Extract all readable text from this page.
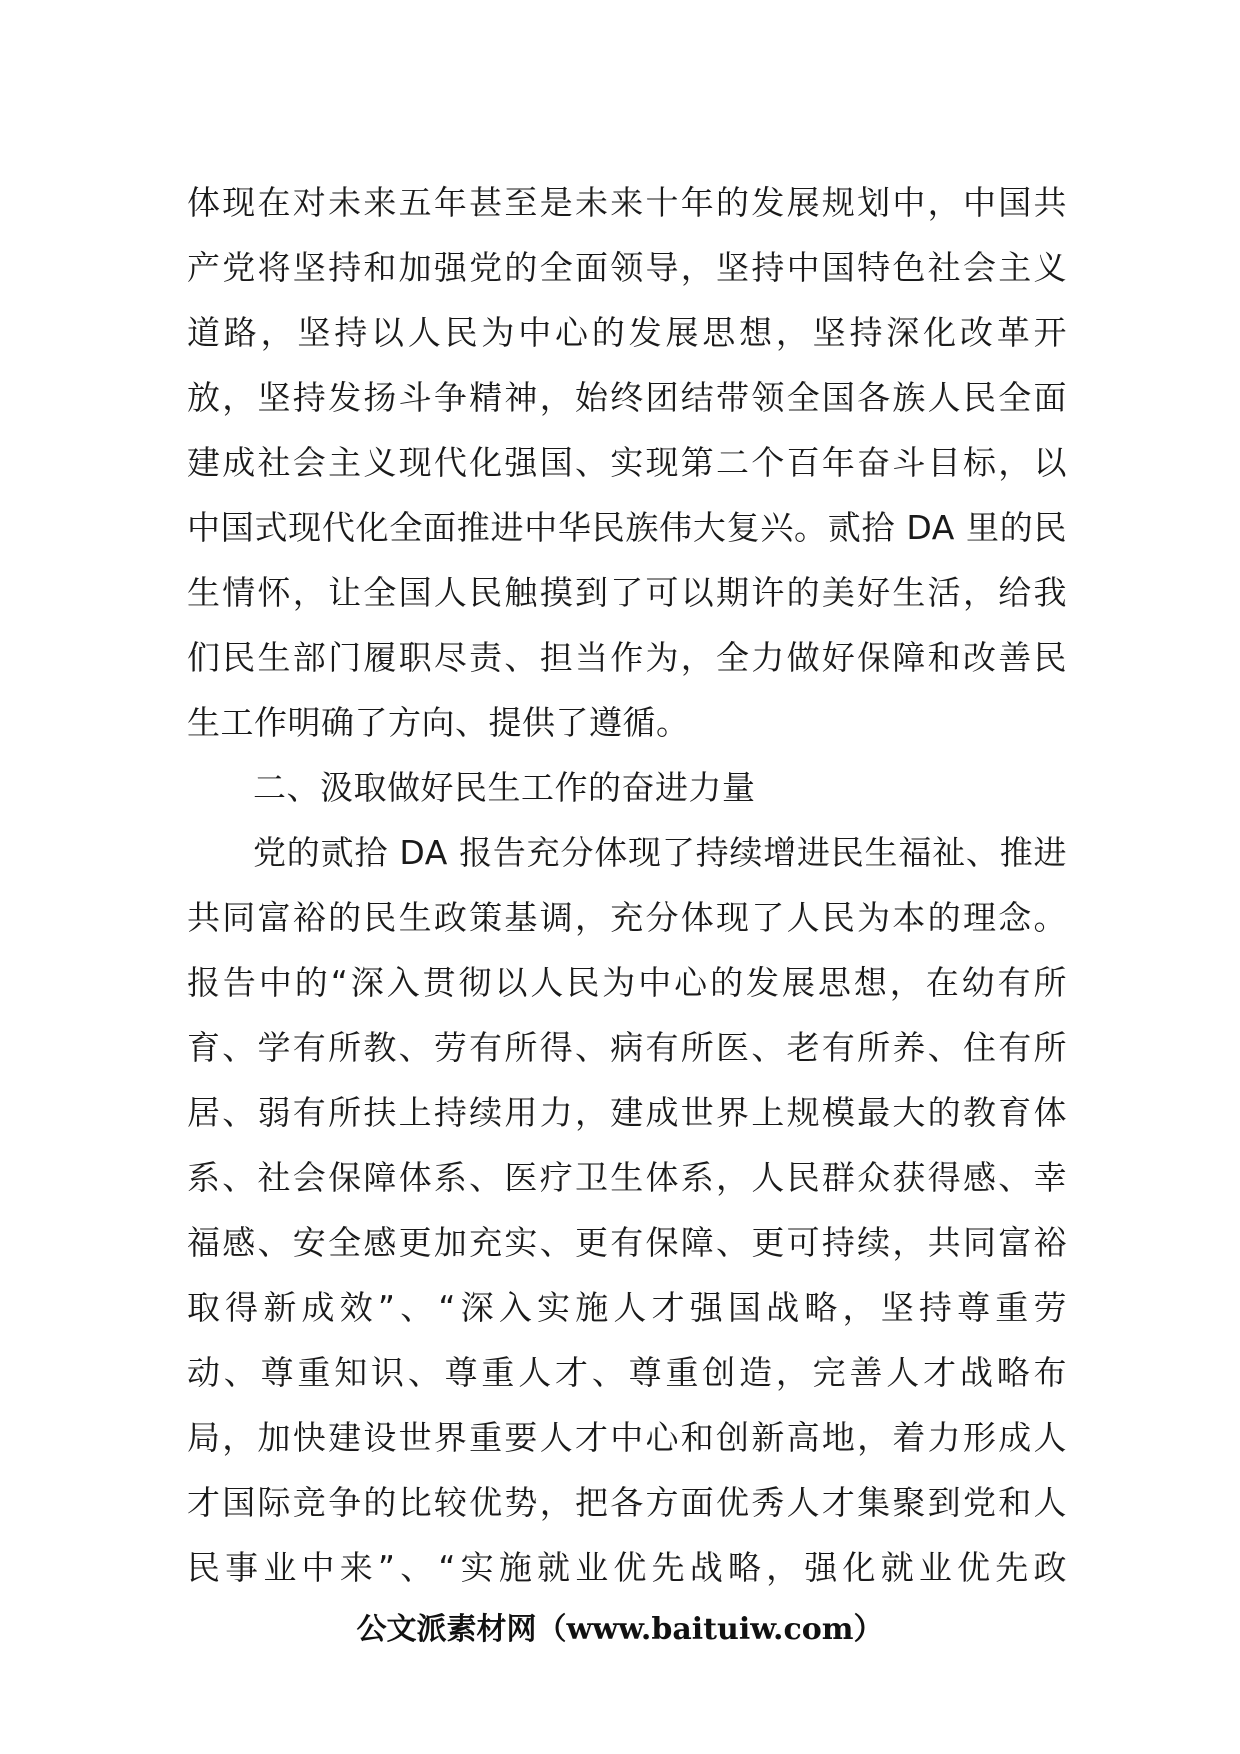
体现在对未来五年甚至是未来十年的发展规划中，中国共
产党将坚持和加强党的全面领导，坚持中国特色社会主义
道路，坚持以人民为中心的发展思想，坚持深化改革开
放，坚持发扬斗争精神，始终团结带领全国各族人民全面
建成社会主义现代化强国、实现第二个百年奋斗目标，以
中国式现代化全面推进中华民族伟大复兴。贰拾 DA 里的民
生情怀，让全国人民触摸到了可以期许的美好生活，给我
们民生部门履职尽责、担当作为，全力做好保障和改善民
生工作明确了方向、提供了遵循。
二、汲取做好民生工作的奋进力量
党的贰拾 DA 报告充分体现了持续增进民生福祉、推进
共同富裕的民生政策基调，充分体现了人民为本的理念。
报告中的“深入贯彻以人民为中心的发展思想，在幼有所
育、学有所教、劳有所得、病有所医、老有所养、住有所
居、弱有所扶上持续用力，建成世界上规模最大的教育体
系、社会保障体系、医疗卫生体系，人民群众获得感、幸
福感、安全感更加充实、更有保障、更可持续，共同富裕
取得新成效”、“深入实施人才强国战略，坚持尊重劳
动、尊重知识、尊重人才、尊重创造，完善人才战略布
局，加快建设世界重要人才中心和创新高地，着力形成人
才国际竞争的比较优势，把各方面优秀人才集聚到党和人
民事业中来”、“实施就业优先战略，强化就业优先政
公文派素材网（www.baituiw.com）
